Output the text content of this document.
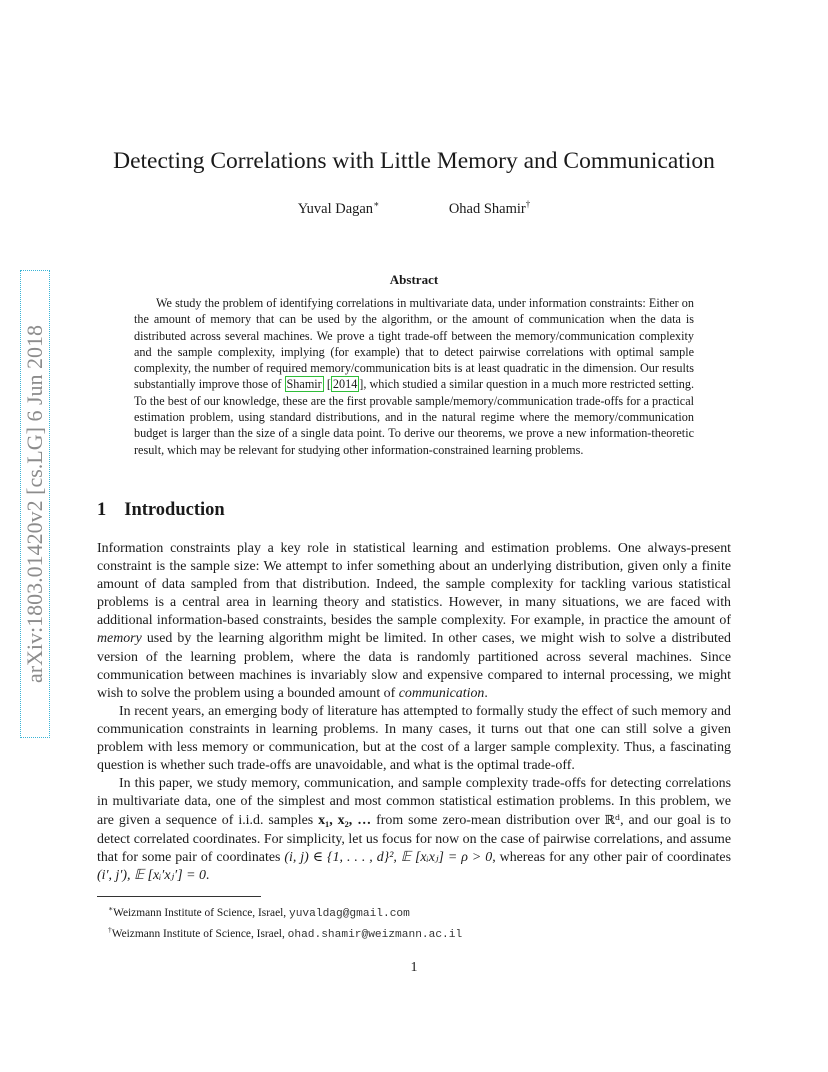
arXiv:1803.01420v2 [cs.LG] 6 Jun 2018
Detecting Correlations with Little Memory and Communication
Yuval Dagan∗	Ohad Shamir†
Abstract
We study the problem of identifying correlations in multivariate data, under information constraints: Either on the amount of memory that can be used by the algorithm, or the amount of communication when the data is distributed across several machines. We prove a tight trade-off between the memory/communication complexity and the sample complexity, implying (for example) that to detect pairwise correlations with optimal sample complexity, the number of required memory/communication bits is at least quadratic in the dimension. Our results substantially improve those of Shamir [ 2014 ], which studied a similar question in a much more restricted setting. To the best of our knowledge, these are the first provable sample/memory/communication trade-offs for a practical estimation problem, using standard distributions, and in the natural regime where the memory/communication budget is larger than the size of a single data point. To derive our theorems, we prove a new information-theoretic result, which may be relevant for studying other information-constrained learning problems.
1 Introduction

Information constraints play a key role in statistical learning and estimation problems. One always-present constraint is the sample size: We attempt to infer something about an underlying distribution, given only a finite amount of data sampled from that distribution. Indeed, the sample complexity for tackling various statistical problems is a central area in learning theory and statistics. However, in many situations, we are faced with additional information-based constraints, besides the sample complexity. For example, in practice the amount of memory used by the learning algorithm might be limited. In other cases, we might wish to solve a distributed version of the learning problem, where the data is randomly partitioned across several machines. Since communication between machines is invariably slow and expensive compared to internal processing, we might wish to solve the problem using a bounded amount of communication.

In recent years, an emerging body of literature has attempted to formally study the effect of such memory and communication constraints in learning problems. In many cases, it turns out that one can still solve a given problem with less memory or communication, but at the cost of a larger sample complexity. Thus, a fascinating question is whether such trade-offs are unavoidable, and what is the optimal trade-off.

In this paper, we study memory, communication, and sample complexity trade-offs for detecting correlations in multivariate data, one of the simplest and most common statistical estimation problems. In this problem, we are given a sequence of i.i.d. samples x₁, x₂, … from some zero-mean distribution over ℝᵈ, and our goal is to detect correlated coordinates. For simplicity, let us focus for now on the case of pairwise correlations, and assume that for some pair of coordinates (i, j) ∈ {1, . . . , d}², 𝔼 [xᵢxⱼ] = ρ > 0, whereas for any other pair of coordinates (i′, j′), 𝔼 [xᵢ′xⱼ′] = 0.

∗Weizmann Institute of Science, Israel, yuvaldag@gmail.com
†Weizmann Institute of Science, Israel, ohad.shamir@weizmann.ac.il
1
